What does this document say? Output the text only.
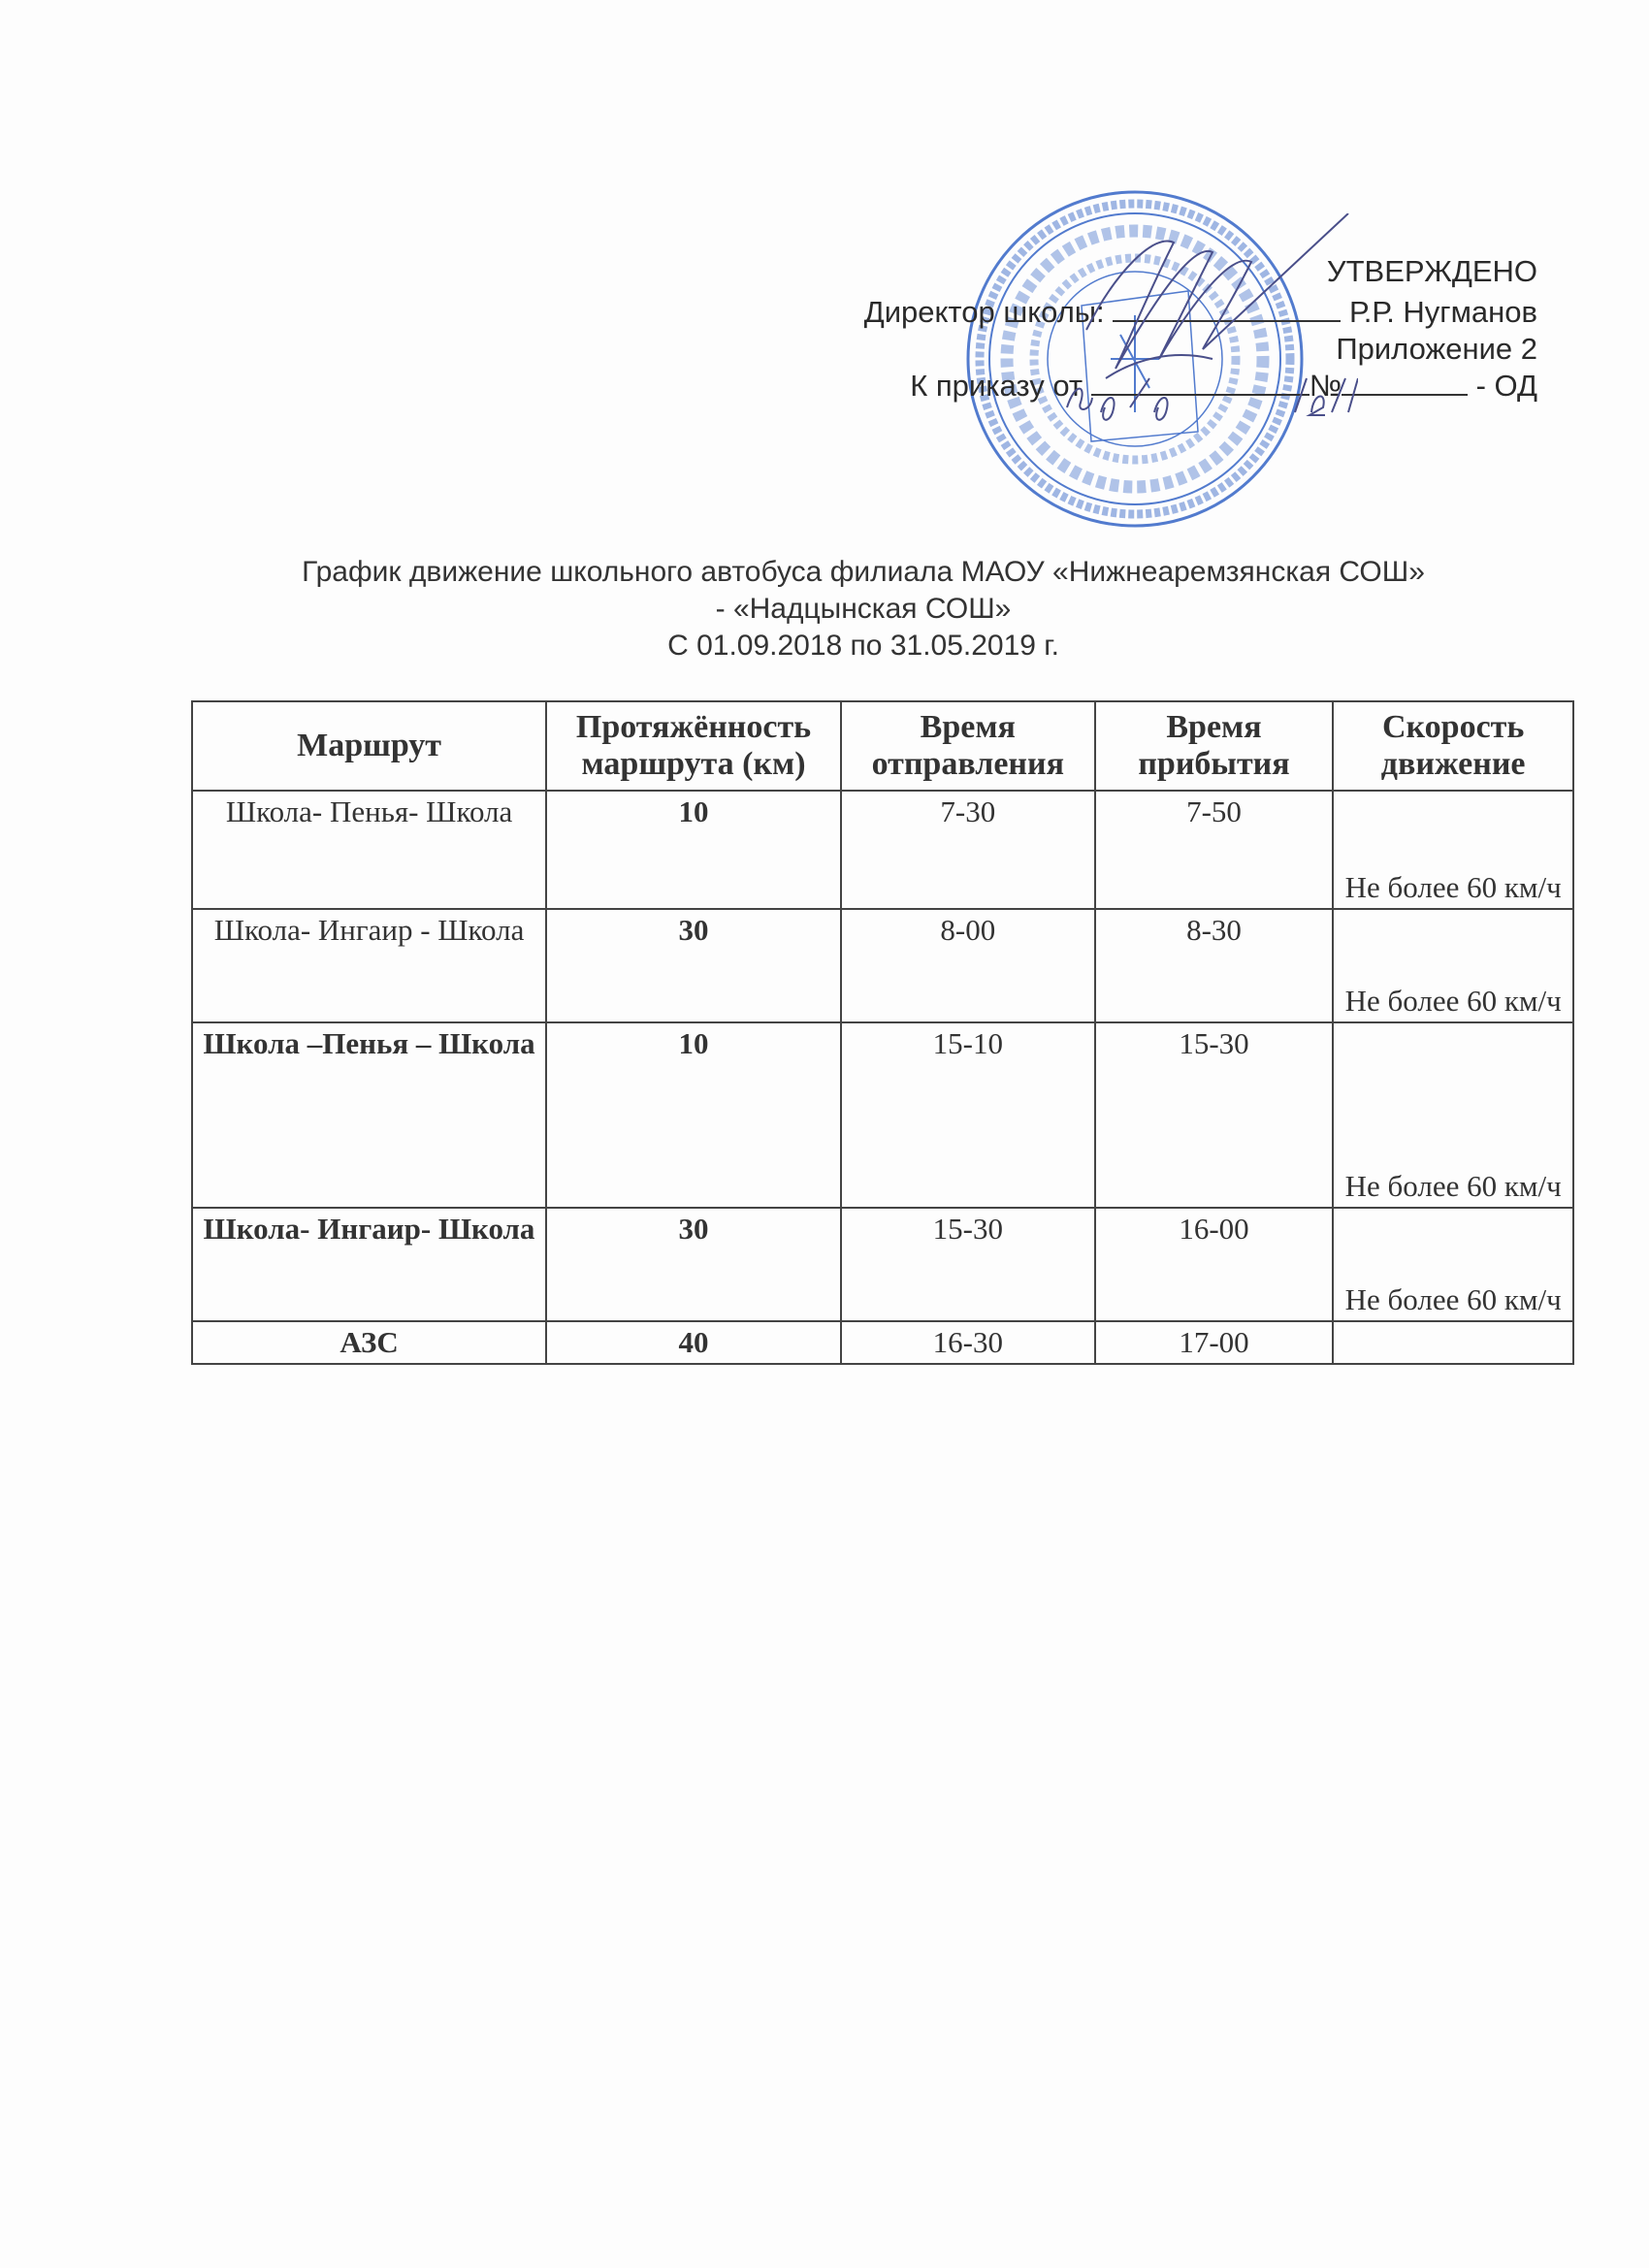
УТВЕРЖДЕНО
Директор школы:	Р.Р. Нугманов
Приложение 2
К приказу от	№	- ОД
График движение школьного автобуса филиала МАОУ «Нижнеаремзянская СОШ»
- «Надцынская СОШ»
С 01.09.2018 по 31.05.2019 г.
Маршрут	Протяжённость маршрута (км)	Время отправления	Время прибытия	Скорость движение
Школа- Пенья- Школа	10	7-30	7-50	Не более 60 км/ч
Школа- Ингаир - Школа	30	8-00	8-30	Не более 60 км/ч
Школа –Пенья – Школа	10	15-10	15-30	Не более 60 км/ч
Школа- Ингаир- Школа	30	15-30	16-00	Не более 60 км/ч
АЗС	40	16-30	17-00	
